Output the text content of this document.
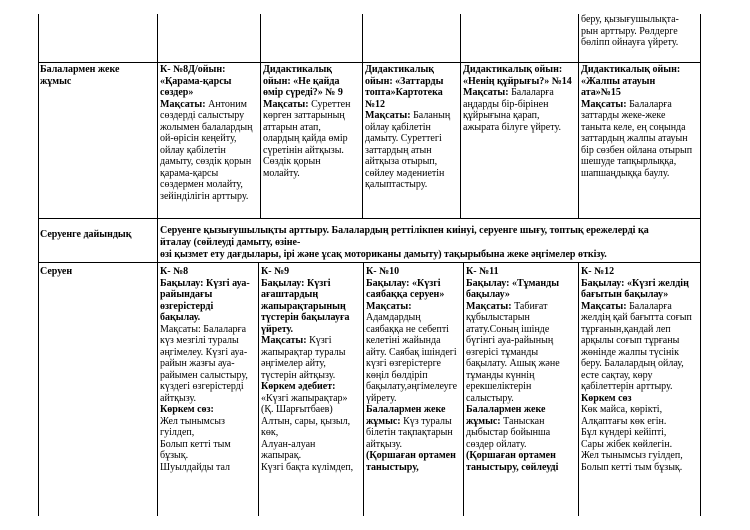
беру, қызығушылықта-

рын арттыру. Рөлдерге

бөліпп ойнауға үйрету.

Балалармен жеке

жұмыс

К- №8Д/ойын:

«Қарама-қарсы

сөздер»

Мақсаты: Антоним

сөздерді салыстыру

жолымен балалардың

ой-өрісін кеңейту,

ойлау қабілетін

дамыту, сөздік қорын

қарама-қарсы

сөздермен молайту,

зейінділігін арттыру.

Дидактикалық

ойын: «Не қайда

өмір сүреді?» № 9

Мақсаты: Суреттен

көрген заттарының

аттарын атап,

олардың қайда өмір

сүретінін айтқызы.

Сөздік қорын

молайту.

Дидактикалық

ойын: «Заттарды

топта»Картотека

№12

Мақсаты: Баланың

ойлау қабілетін

дамыту. Суреттегі

заттардың атын

айтқыза отырып,

сөйлеу мәдениетін

қалыптастыру.

Дидактикалық ойын:

«Ненің құйрығы?» №14

Мақсаты: Балаларға

аңдарды бір-бірінен

құйрығына қарап,

ажырата білуге үйрету.

Дидактикалық ойын:

«Жалпы атауын

ата»№15

Мақсаты: Балаларға

заттарды жеке-жеке

таныта келе, ең соңында

заттардың жалпы атауын

бір сөзбен ойлана отырып

шешуде тапқырлыққа,

шапшаңдыққа баулу.

Серуенге дайындық	Серуенге қызығушылықты арттыру. Балалардың реттілікпен киінуі, серуенге шығу, топтық ережелерді қа
йталау (сөйлеуді дамыту, өзіне-
өзі қызмет ету дағдылары, ірі және ұсақ моториканы дамыту) тақырыбына жеке әңгімелер өткізу.
Серуен	К- №8

Бақылау: Күзгі ауа-

райындағы

өзгерістерді

бақылау.

Мақсаты: Балаларға

күз мезгілі туралы

әңгімелеу. Күзгі ауа-

райын жазғы ауа-

райымен салыстыру,

күздегі өзгерістерді

айтқызу.

Көркем сөз:

Жел тынымсыз

гуілдеп,

Болып кетті тым

бұзық.

Шуылдайды тал

К- №9

Бақылау: Күзгі

ағаштардың

жапырақтарының

түстерін бақылауға

үйрету.

Мақсаты: Күзгі

жапырақтар туралы

әңгімелер айту,

түстерін айтқызу.

Көркем әдебиет:

«Күзгі жапырақтар»

(Қ. Шарғытбаев)

Алтын, сары, қызыл,

көк,

Алуан-алуан

жапырақ.

Күзгі бақта күлімдеп,

К- №10

Бақылау: «Күзгі

саябаққа серуен»

Мақсаты:

Адамдардың

саябаққа не себепті

келетіні жайында

айту. Саябақ ішіндегі

күзгі өзгерістерге

көңіл бөлдіріп

бақылату,әңгімелеуге

үйрету.

Балалармен жеке

жұмыс: Күз туралы

білетін тақпақтарын

айтқызу.

(Қоршаған ортамен

таныстыру,

К- №11

Бақылау: «Тұманды

бақылау»

Мақсаты: Табиғат

құбылыстарын

атату.Соның ішінде

бүгінгі ауа-райының

өзгерісі тұманды

бақылату. Ашық және

тұманды күннің

ерекшеліктерін

салыстыру.

Балалармен жеке

жұмыс: Таныскан

дыбыстар бойынша

сөздер ойлату.

(Қоршаған ортамен

таныстыру, сөйлеуді

К- №12

Бақылау: «Күзгі желдің

бағытын бақылау»

Мақсаты: Балаларға

желдің қай бағытта соғып

тұрғанын,қандай леп

арқылы соғып тұрғаны

жөнінде жалпы түсінік

беру. Балалардың ойлау,

есте сақтау, көру

қабілеттерін арттыру.

Көркем сөз

Көк майса, көрікті,

Алқаптағы көк егін.

Бұл күндері кейіпті,

Сары жібек көйлегін.

Жел тынымсыз гуілдеп,

Болып кетті тым бұзық.
